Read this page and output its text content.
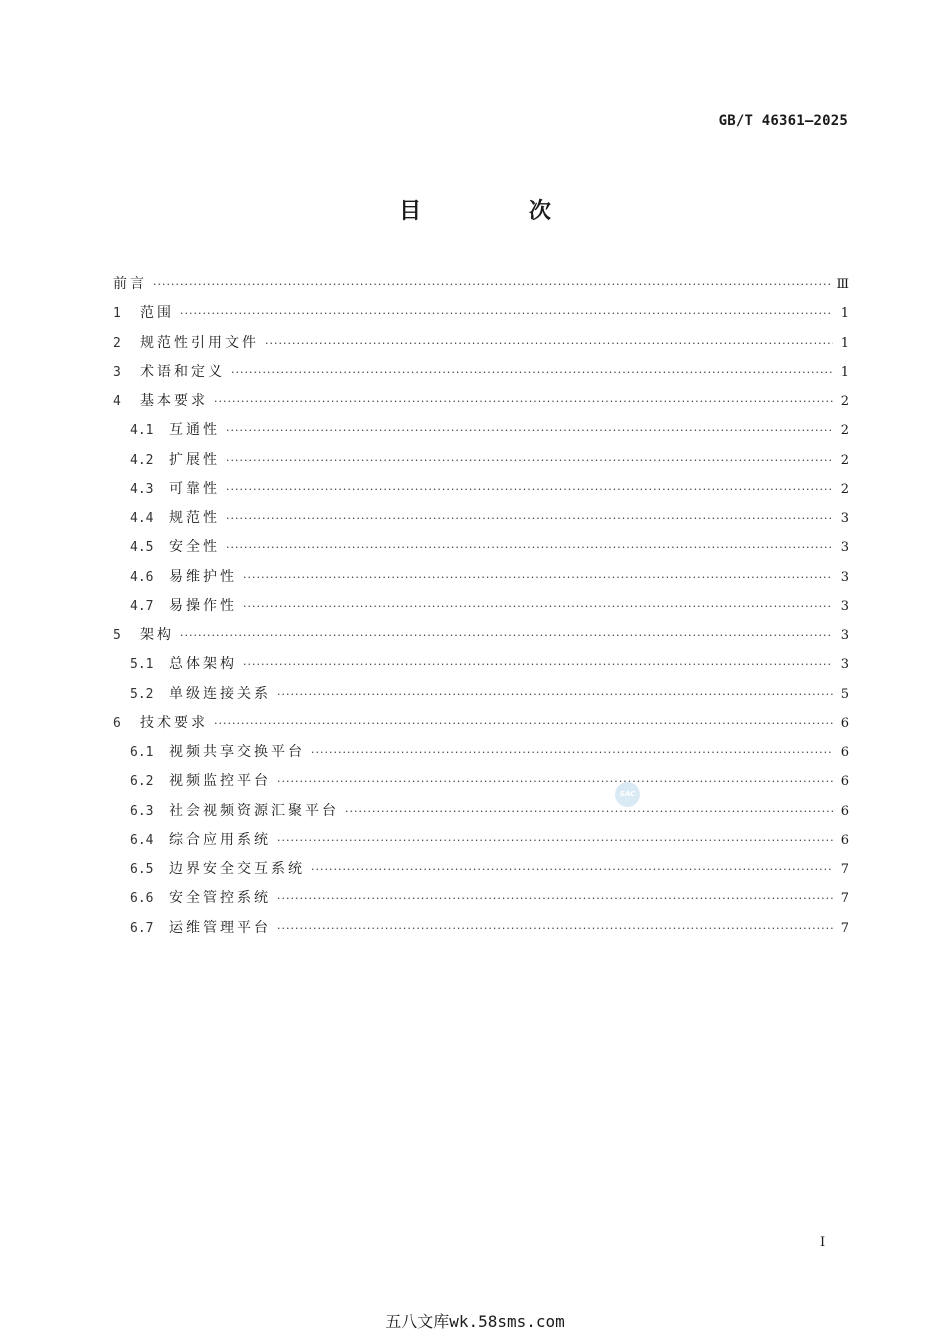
GB/T 46361—2025
目 次
前言 ·····	Ⅲ
1	范围 ·····	1
2	规范性引用文件 ·····	1
3	术语和定义 ·····	1
4	基本要求 ·····	2
4.1	互通性 ·····	2
4.2	扩展性 ·····	2
4.3	可靠性 ·····	2
4.4	规范性 ·····	3
4.5	安全性 ·····	3
4.6	易维护性 ·····	3
4.7	易操作性 ·····	3
5	架构 ·····	3
5.1	总体架构 ·····	3
5.2	单级连接关系 ·····	5
6	技术要求 ·····	6
6.1	视频共享交换平台 ·····	6
6.2	视频监控平台 ·····	6
6.3	社会视频资源汇聚平台 ·····	6
6.4	综合应用系统 ·····	6
6.5	边界安全交互系统 ·····	7
6.6	安全管控系统 ·····	7
6.7	运维管理平台 ·····	7
SAC
I
五八文库wk.58sms.com
